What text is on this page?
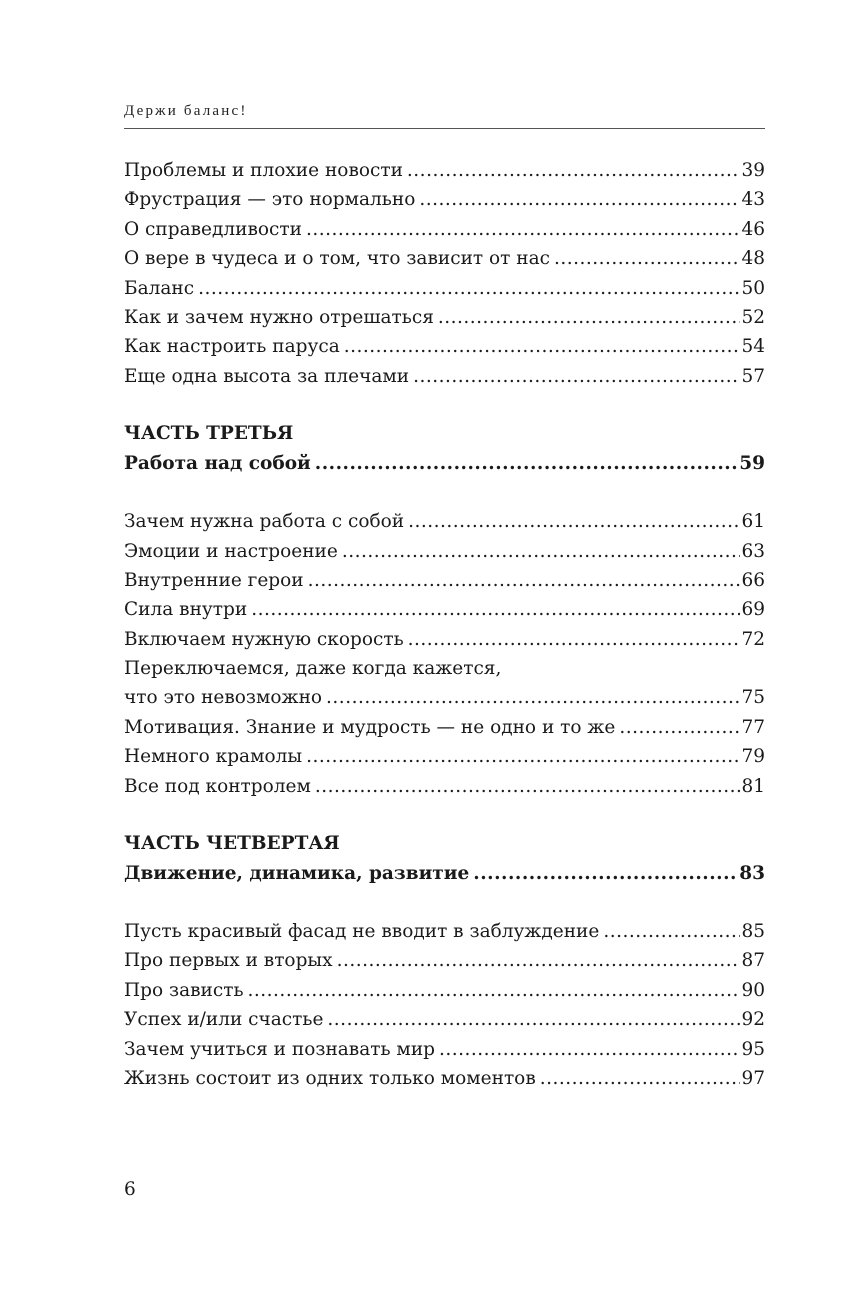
Держи баланс!
Проблемы и плохие новости .....	39
Фрустрация — это нормально .....	43
О справедливости .....	46
О вере в чудеса и о том, что зависит от нас .....	48
Баланс .....	50
Как и зачем нужно отрешаться .....	52
Как настроить паруса .....	54
Еще одна высота за плечами .....	57
ЧАСТЬ ТРЕТЬЯ
Работа над собой .....	59
Зачем нужна работа с собой .....	61
Эмоции и настроение .....	63
Внутренние герои .....	66
Сила внутри .....	69
Включаем нужную скорость .....	72
Переключаемся, даже когда кажется,
что это невозможно .....	75
Мотивация. Знание и мудрость — не одно и то же .....	77
Немного крамолы .....	79
Все под контролем .....	81
ЧАСТЬ ЧЕТВЕРТАЯ
Движение, динамика, развитие .....	83
Пусть красивый фасад не вводит в заблуждение .....	85
Про первых и вторых .....	87
Про зависть .....	90
Успех и/или счастье .....	92
Зачем учиться и познавать мир .....	95
Жизнь состоит из одних только моментов .....	97
6
